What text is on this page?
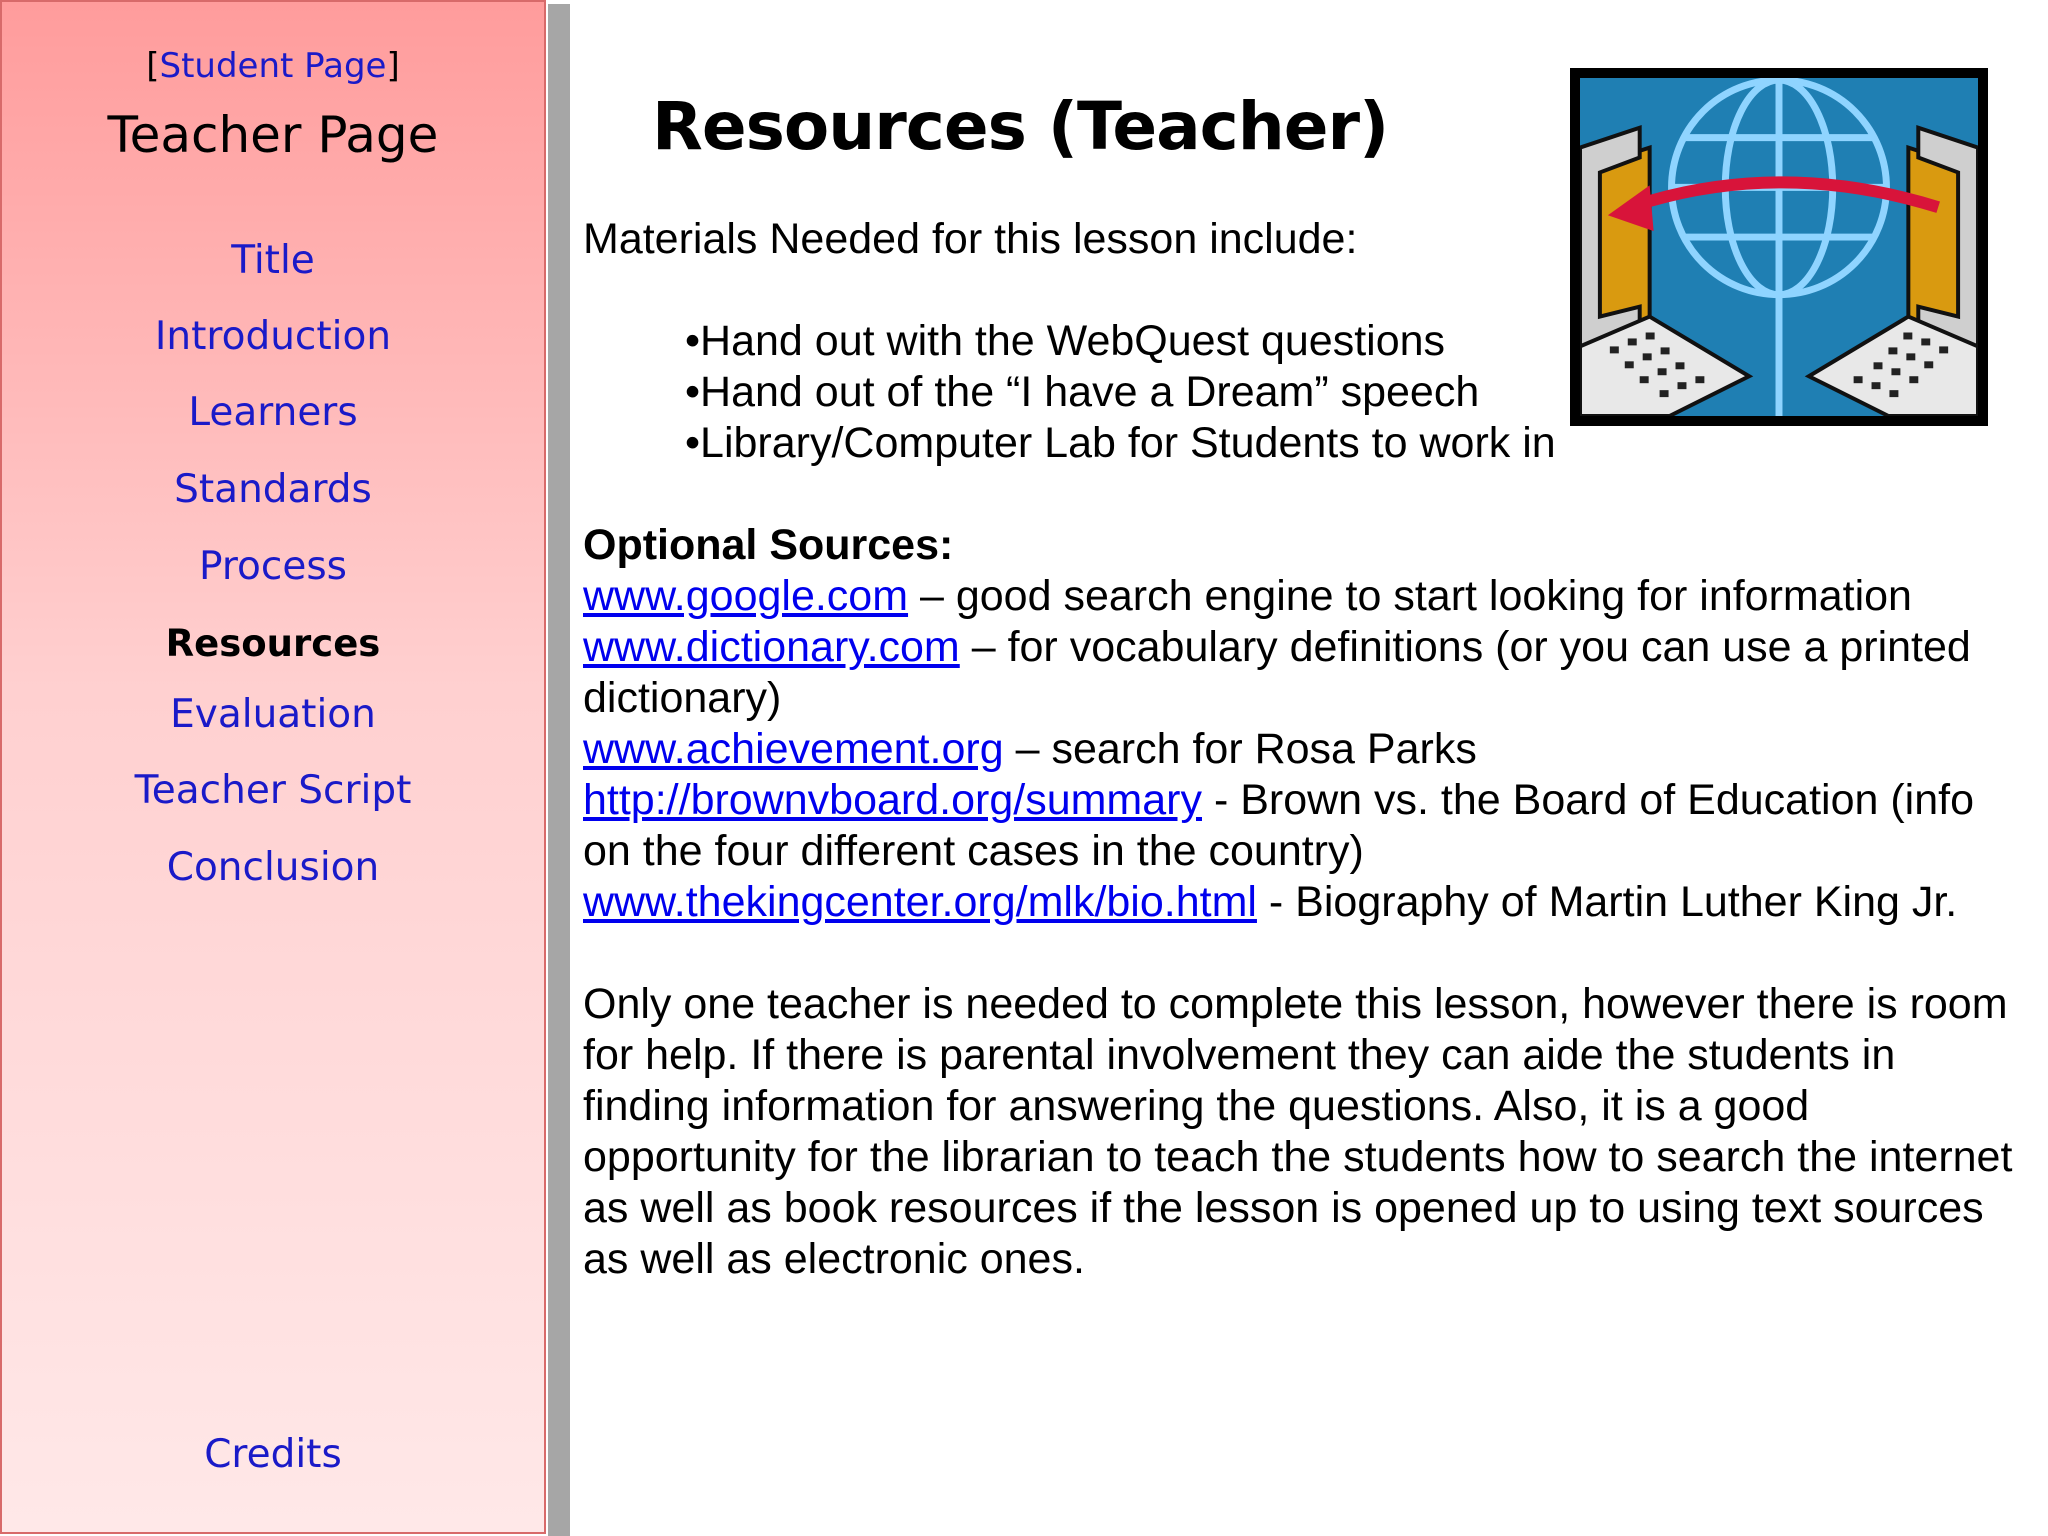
[Student Page]
Teacher Page
Title
Introduction
Learners
Standards
Process
Resources
Evaluation
Teacher Script
Conclusion
Credits
Resources (Teacher)

Materials Needed for this lesson include:

•Hand out with the WebQuest questions

•Hand out of the “I have a Dream” speech

•Library/Computer Lab for Students to work in

Optional Sources:

www.google.com – good search engine to start looking for information

www.dictionary.com – for vocabulary definitions (or you can use a printed dictionary)

www.achievement.org – search for Rosa Parks

http://brownvboard.org/summary - Brown vs. the Board of Education (info on the four different cases in the country)

www.thekingcenter.org/mlk/bio.html - Biography of Martin Luther King Jr.

Only one teacher is needed to complete this lesson, however there is room for help. If there is parental involvement they can aide the students in finding information for answering the questions. Also, it is a good opportunity for the librarian to teach the students how to search the internet as well as book resources if the lesson is opened up to using text sources as well as electronic ones.
